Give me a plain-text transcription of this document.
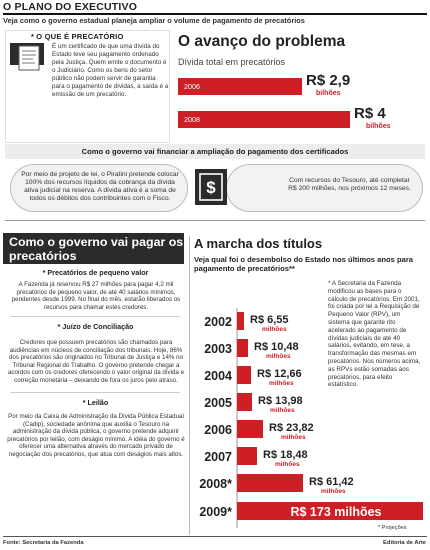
O PLANO DO EXECUTIVO
Veja como o governo estadual planeja ampliar o volume de pagamento de precatórios
* O QUE É PRECATÓRIO
É um certificado de que uma dívida do Estado teve seu pagamento ordenado pela Justiça. Quem emite o documento é o Judiciário. Como os bens do setor público não podem servir de garantia para o pagamento de dívidas, a saída é a emissão de um precatório.
O avanço do problema
Dívida total em precatórios
2006	R$ 2,9
bilhões
2008	R$ 4
bilhões
Como o governo vai financiar a ampliação do pagamento dos certificados
Por meio de projeto de lei, o Piratini pretende colocar 100% dos recursos líquidos da cobrança da dívida ativa judicial na reserva. A dívida ativa é a soma de todos os débitos dos contribuintes com o Fisco.
Com recursos do Tesouro, até completar R$ 200 milhões, nos próximos 12 meses.
$
Como o governo vai pagar os precatórios
* Precatórios de pequeno valor
A Fazenda já reservou R$ 27 milhões para pagar 4,2 mil precatórios de pequeno valor, de até 40 salários mínimos, pendentes desde 1999. No final do mês, estarão liberados os recursos para chamar estes credores.
* Juízo de Conciliação
Credores que possuem precatórios são chamados para audiências em núcleos de conciliação dos tribunais. Hoje, 86% dos precatórios são originados no Tribunal de Justiça e 14% no Tribunal Regional do Trabalho. O governo pretende chegar a acordos com os credores oferecendo o valor original da dívida e correção monetária – deixando de fora os juros pelo atraso.
* Leilão
Por meio da Caixa de Administração da Dívida Pública Estadual (Cadip), sociedade anônima que auxilia o Tesouro na administração da dívida pública, o governo pretende adquirir precatórios por leilão, com deságio mínimo. A idéia do governo é oferecer uma alternativa através do mercado privado de negociação dos precatórios, que atua com deságios mais altos.
A marcha dos títulos
Veja qual foi o desembolso do Estado nos últimos anos para pagamento de precatórios**
* A Secretaria da Fazenda modificou as bases para o cálculo de precatórios. Em 2001, foi criada por lei a Requisição de Pequeno Valor (RPV), um sistema que garante rito acelerado ao pagamento de dívidas judiciais de até 40 salários, evitando, em tese, a transformação das mesmas em precatórios. Nos números acima, as RPVs estão somadas aos precatórios, para efeito estatístico.
2002 R$ 6,55
milhões
2003 R$ 10,48
milhões
2004 R$ 12,66
milhões
2005 R$ 13,98
milhões
2006	R$ 23,82
milhões
2007	R$ 18,48
milhões
2008*	R$ 61,42
milhões
2009*	R$ 173 milhões
* Projeções
Fonte: Secretaria da Fazenda	Editoria de Arte
